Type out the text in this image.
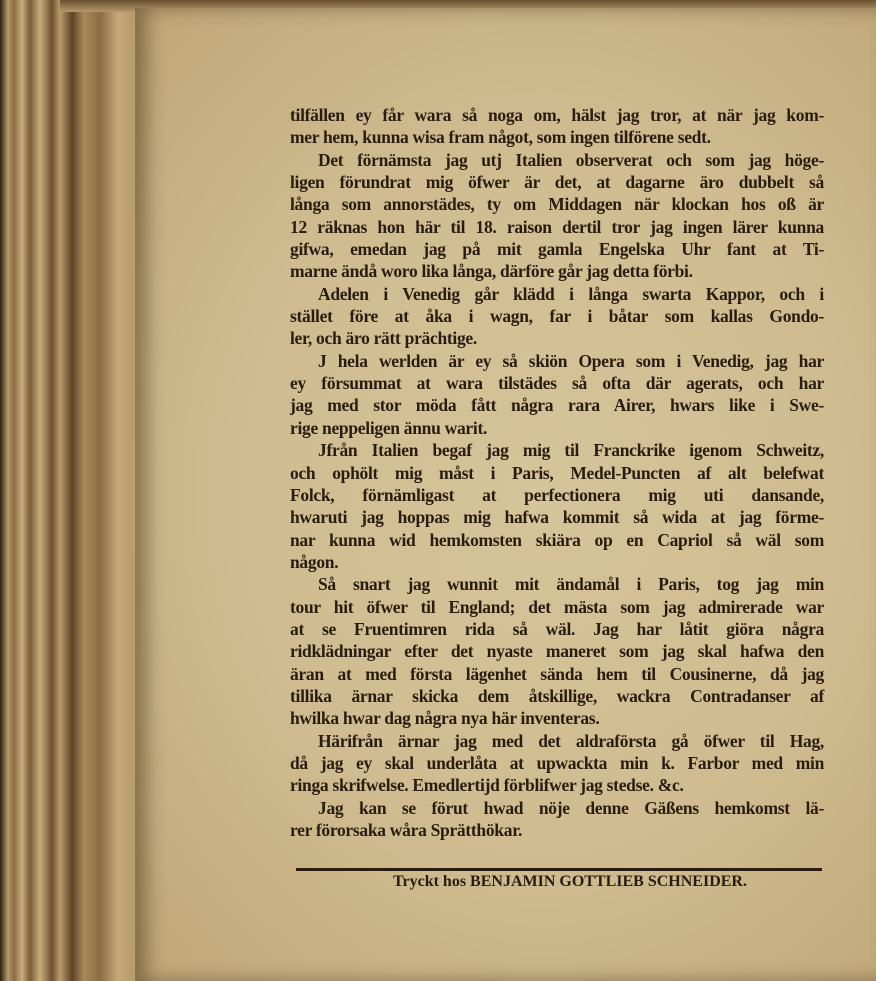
tilfällen ey får wara så noga om, hälst jag tror, at när jag kom-
mer hem, kunna wisa fram något, som ingen tilförene sedt.
Det förnämsta jag utj Italien observerat och som jag höge-
ligen förundrat mig öfwer är det, at dagarne äro dubbelt så
långa som annorstädes, ty om Middagen när klockan hos oß är
12 räknas hon här til 18. raison dertil tror jag ingen lärer kunna
gifwa, emedan jag på mit gamla Engelska Uhr fant at Ti-
marne ändå woro lika långa, därföre går jag detta förbi.
Adelen i Venedig går klädd i långa swarta Kappor, och i
stället före at åka i wagn, far i båtar som kallas Gondo-
ler, och äro rätt prächtige.
J hela werlden är ey så skiön Opera som i Venedig, jag har
ey försummat at wara tilstädes så ofta där agerats, och har
jag med stor möda fått några rara Airer, hwars like i Swe-
rige neppeligen ännu warit.
Jfrån Italien begaf jag mig til Franckrike igenom Schweitz,
och ophölt mig måst i Paris, Medel-Puncten af alt belefwat
Folck, förnämligast at perfectionera mig uti dansande,
hwaruti jag hoppas mig hafwa kommit så wida at jag förme-
nar kunna wid hemkomsten skiära op en Capriol så wäl som
någon.
Så snart jag wunnit mit ändamål i Paris, tog jag min
tour hit öfwer til England; det mästa som jag admirerade war
at se Fruentimren rida så wäl. Jag har låtit giöra några
ridklädningar efter det nyaste maneret som jag skal hafwa den
äran at med första lägenhet sända hem til Cousinerne, då jag
tillika ärnar skicka dem åtskillige, wackra Contradanser af
hwilka hwar dag några nya här inventeras.
Härifrån ärnar jag med det aldraförsta gå öfwer til Hag,
då jag ey skal underlåta at upwackta min k. Farbor med min
ringa skrifwelse. Emedlertijd förblifwer jag stedse. &c.
Jag kan se förut hwad nöje denne Gäßens hemkomst lä-
rer förorsaka wåra Sprätthökar.
Tryckt hos BENJAMIN GOTTLIEB SCHNEIDER.
